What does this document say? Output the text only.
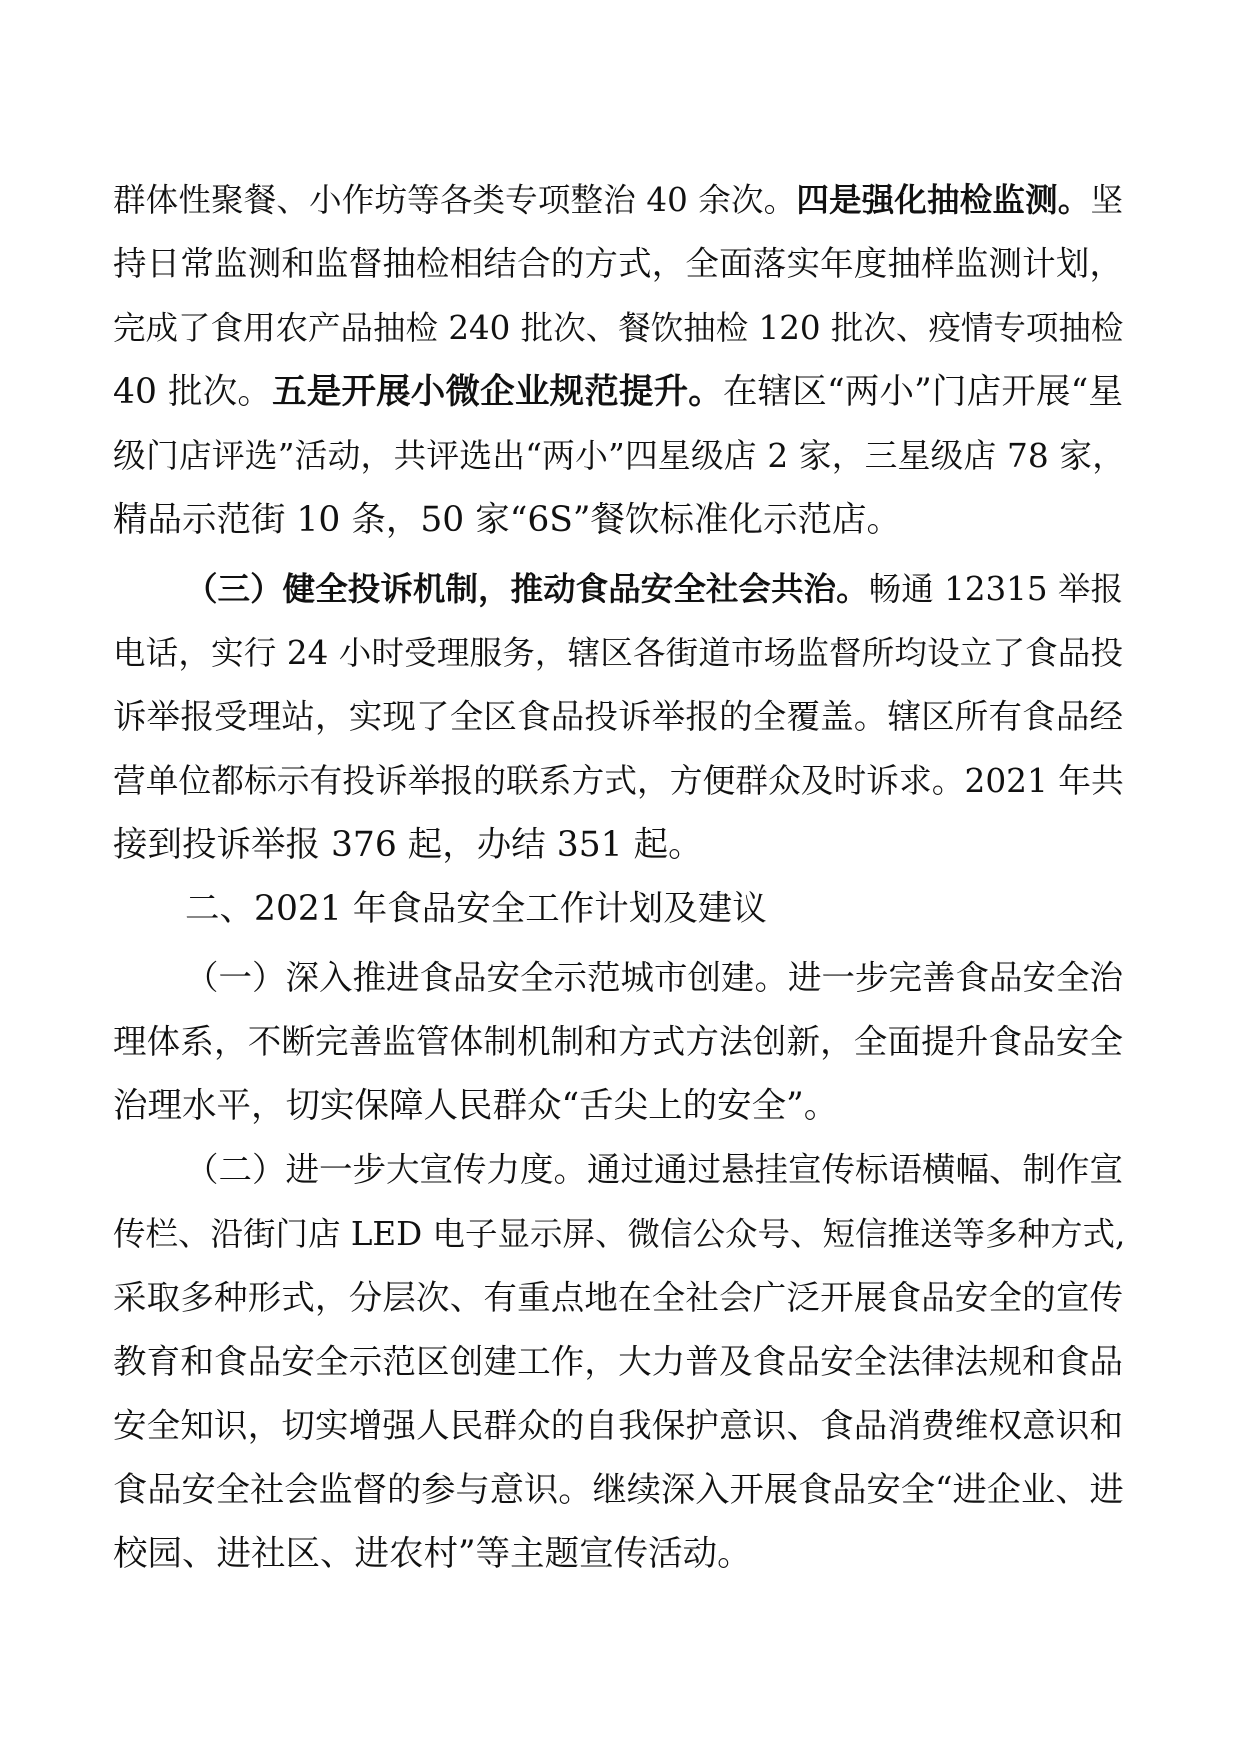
群体性聚餐、小作坊等各类专项整治 40 余次。四是强化抽检监测。坚
持日常监测和监督抽检相结合的方式，全面落实年度抽样监测计划，
完成了食用农产品抽检 240 批次、餐饮抽检 120 批次、疫情专项抽检
40 批次。五是开展小微企业规范提升。在辖区“两小”门店开展“星
级门店评选”活动，共评选出“两小”四星级店 2 家，三星级店 78 家，
精品示范街 10 条，50 家“6S”餐饮标准化示范店。
（三）健全投诉机制，推动食品安全社会共治。畅通 12315 举报
电话，实行 24 小时受理服务，辖区各街道市场监督所均设立了食品投
诉举报受理站，实现了全区食品投诉举报的全覆盖。辖区所有食品经
营单位都标示有投诉举报的联系方式，方便群众及时诉求。2021 年共
接到投诉举报 376 起，办结 351 起。
二、2021 年食品安全工作计划及建议
（一）深入推进食品安全示范城市创建。进一步完善食品安全治
理体系，不断完善监管体制机制和方式方法创新，全面提升食品安全
治理水平，切实保障人民群众“舌尖上的安全”。
（二）进一步大宣传力度。通过通过悬挂宣传标语横幅、制作宣
传栏、沿街门店 LED 电子显示屏、微信公众号、短信推送等多种方式,
采取多种形式，分层次、有重点地在全社会广泛开展食品安全的宣传
教育和食品安全示范区创建工作，大力普及食品安全法律法规和食品
安全知识，切实增强人民群众的自我保护意识、食品消费维权意识和
食品安全社会监督的参与意识。继续深入开展食品安全“进企业、进
校园、进社区、进农村”等主题宣传活动。
